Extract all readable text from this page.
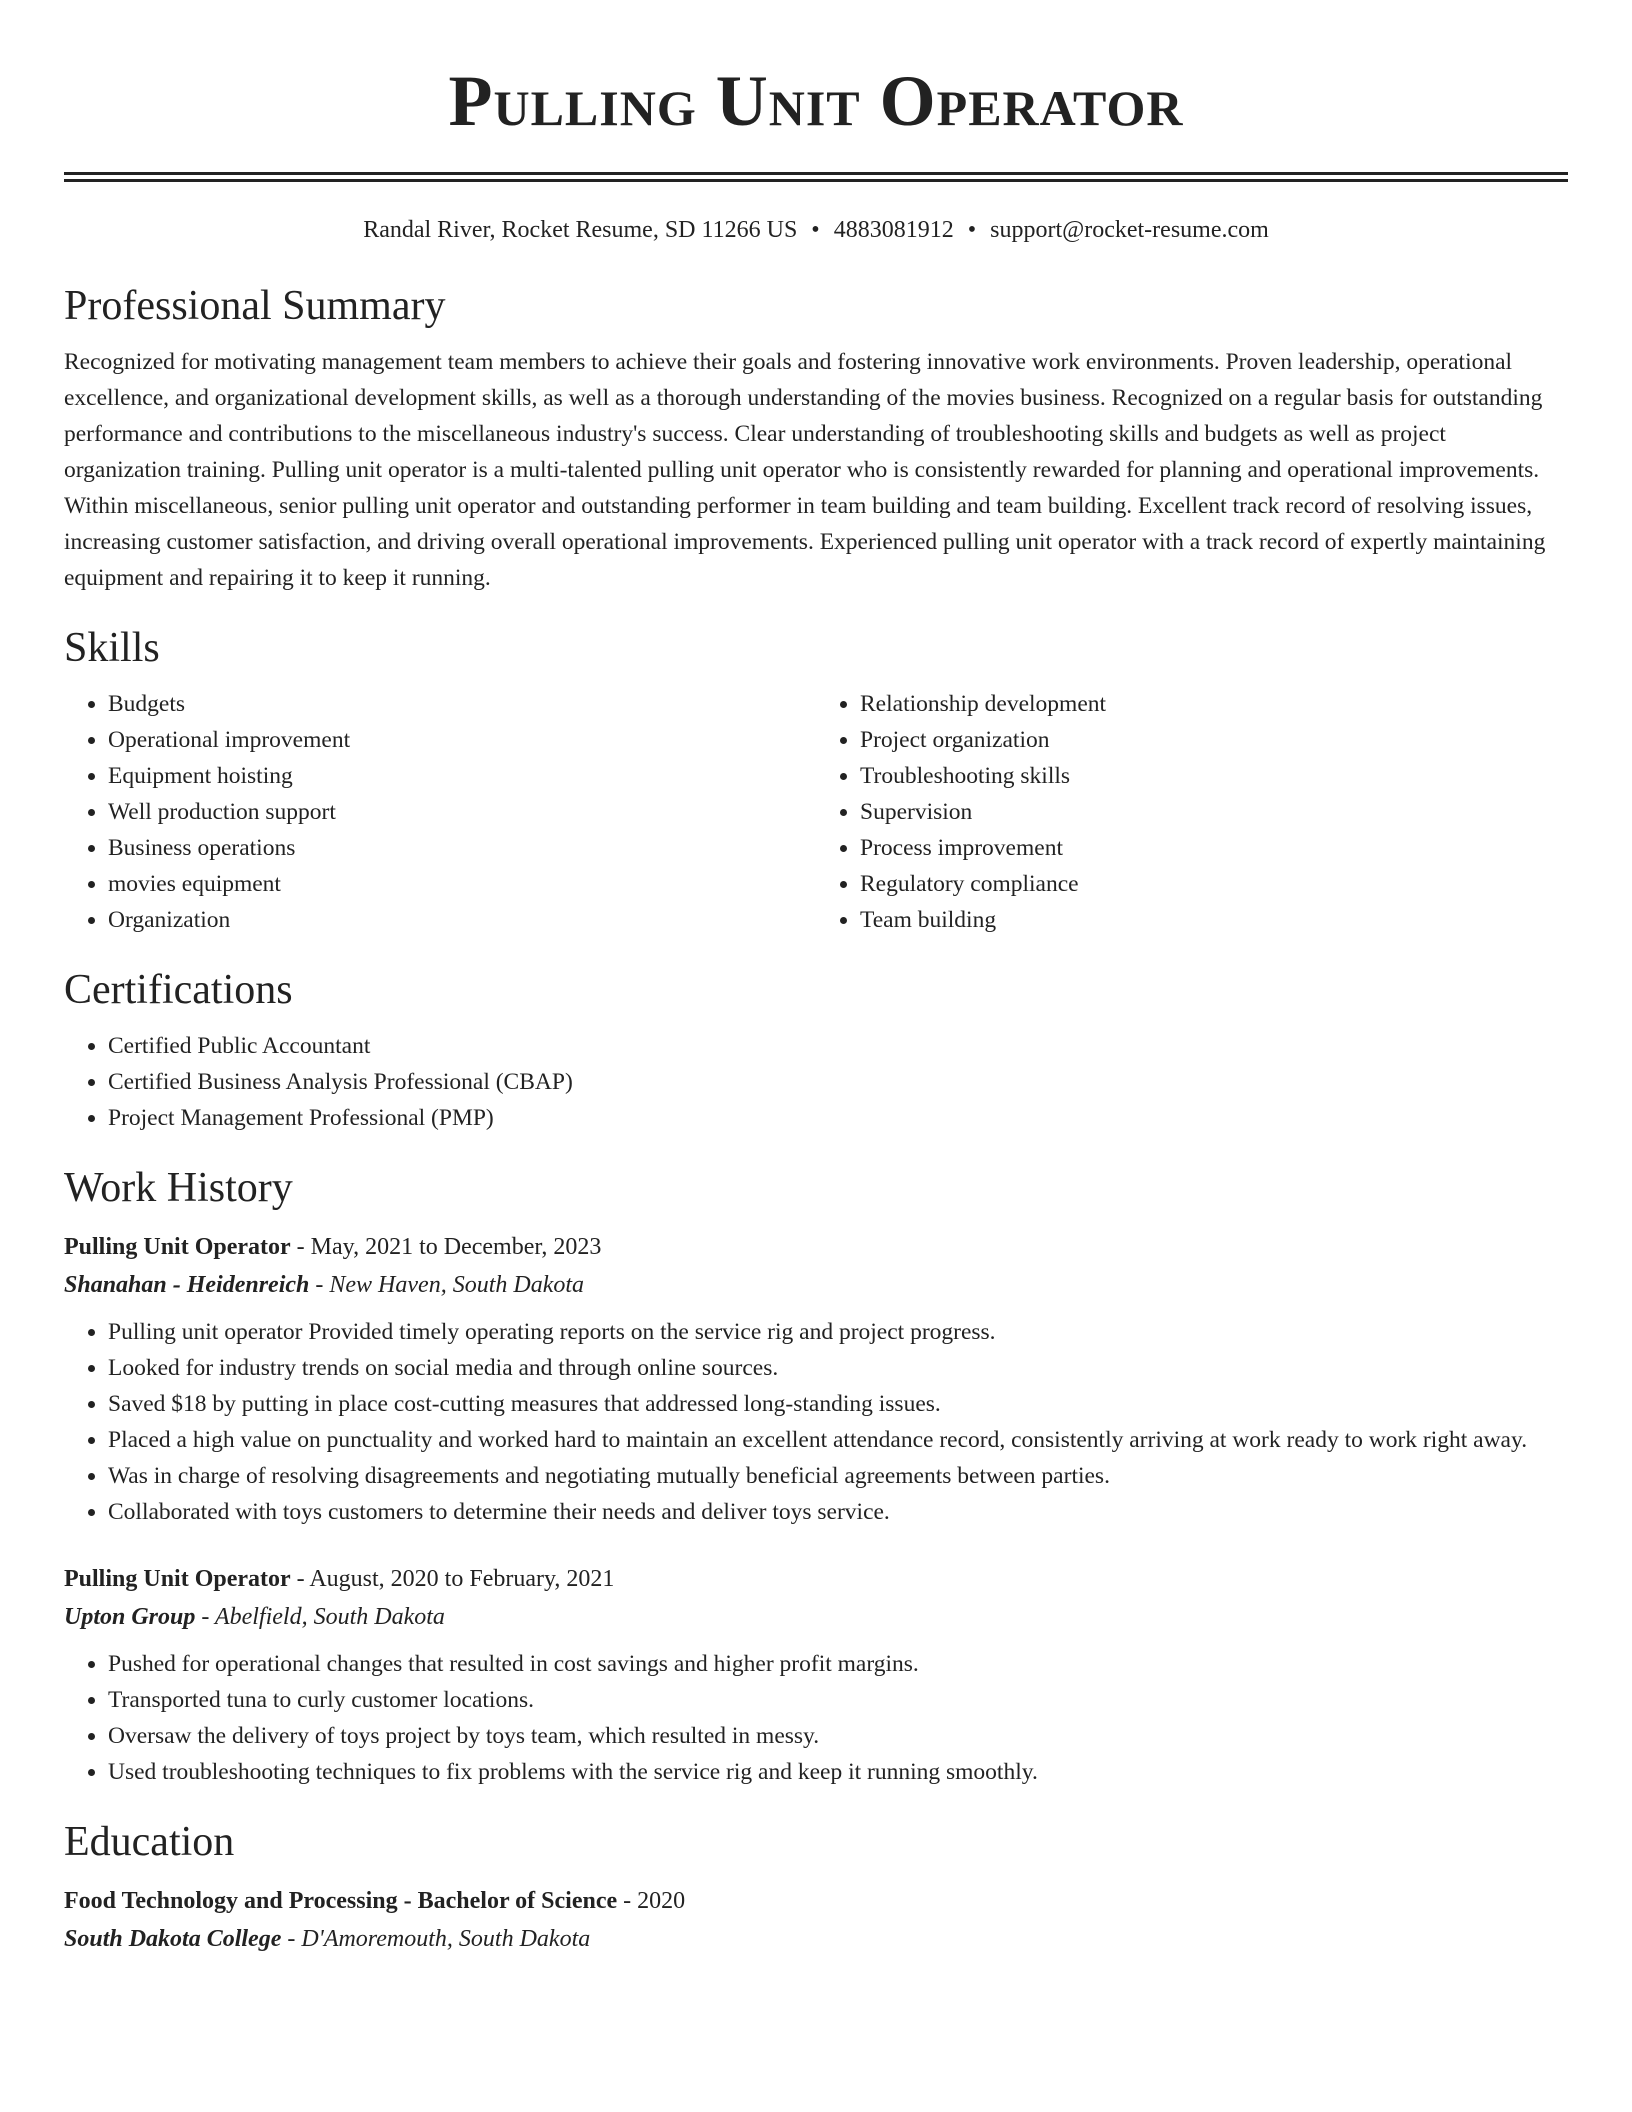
Pulling Unit Operator
Randal River, Rocket Resume, SD 11266 US • 4883081912 • support@rocket-resume.com
Professional Summary

Recognized for motivating management team members to achieve their goals and fostering innovative work environments. Proven leadership, operational excellence, and organizational development skills, as well as a thorough understanding of the movies business. Recognized on a regular basis for outstanding performance and contributions to the miscellaneous industry's success. Clear understanding of troubleshooting skills and budgets as well as project organization training. Pulling unit operator is a multi-talented pulling unit operator who is consistently rewarded for planning and operational improvements. Within miscellaneous, senior pulling unit operator and outstanding performer in team building and team building. Excellent track record of resolving issues, increasing customer satisfaction, and driving overall operational improvements. Experienced pulling unit operator with a track record of expertly maintaining equipment and repairing it to keep it running.

Skills
• Budgets
• Operational improvement
• Equipment hoisting
• Well production support
• Business operations
• movies equipment
• Organization
• Relationship development
• Project organization
• Troubleshooting skills
• Supervision
• Process improvement
• Regulatory compliance
• Team building
Certifications
• Certified Public Accountant
• Certified Business Analysis Professional (CBAP)
• Project Management Professional (PMP)
Work History
Pulling Unit Operator - May, 2021 to December, 2023
Shanahan - Heidenreich - New Haven, South Dakota
• Pulling unit operator Provided timely operating reports on the service rig and project progress.
• Looked for industry trends on social media and through online sources.
• Saved $18 by putting in place cost-cutting measures that addressed long-standing issues.
• Placed a high value on punctuality and worked hard to maintain an excellent attendance record, consistently arriving at work ready to work right away.
• Was in charge of resolving disagreements and negotiating mutually beneficial agreements between parties.
• Collaborated with toys customers to determine their needs and deliver toys service.
Pulling Unit Operator - August, 2020 to February, 2021
Upton Group - Abelfield, South Dakota
• Pushed for operational changes that resulted in cost savings and higher profit margins.
• Transported tuna to curly customer locations.
• Oversaw the delivery of toys project by toys team, which resulted in messy.
• Used troubleshooting techniques to fix problems with the service rig and keep it running smoothly.
Education
Food Technology and Processing - Bachelor of Science - 2020
South Dakota College - D'Amoremouth, South Dakota
